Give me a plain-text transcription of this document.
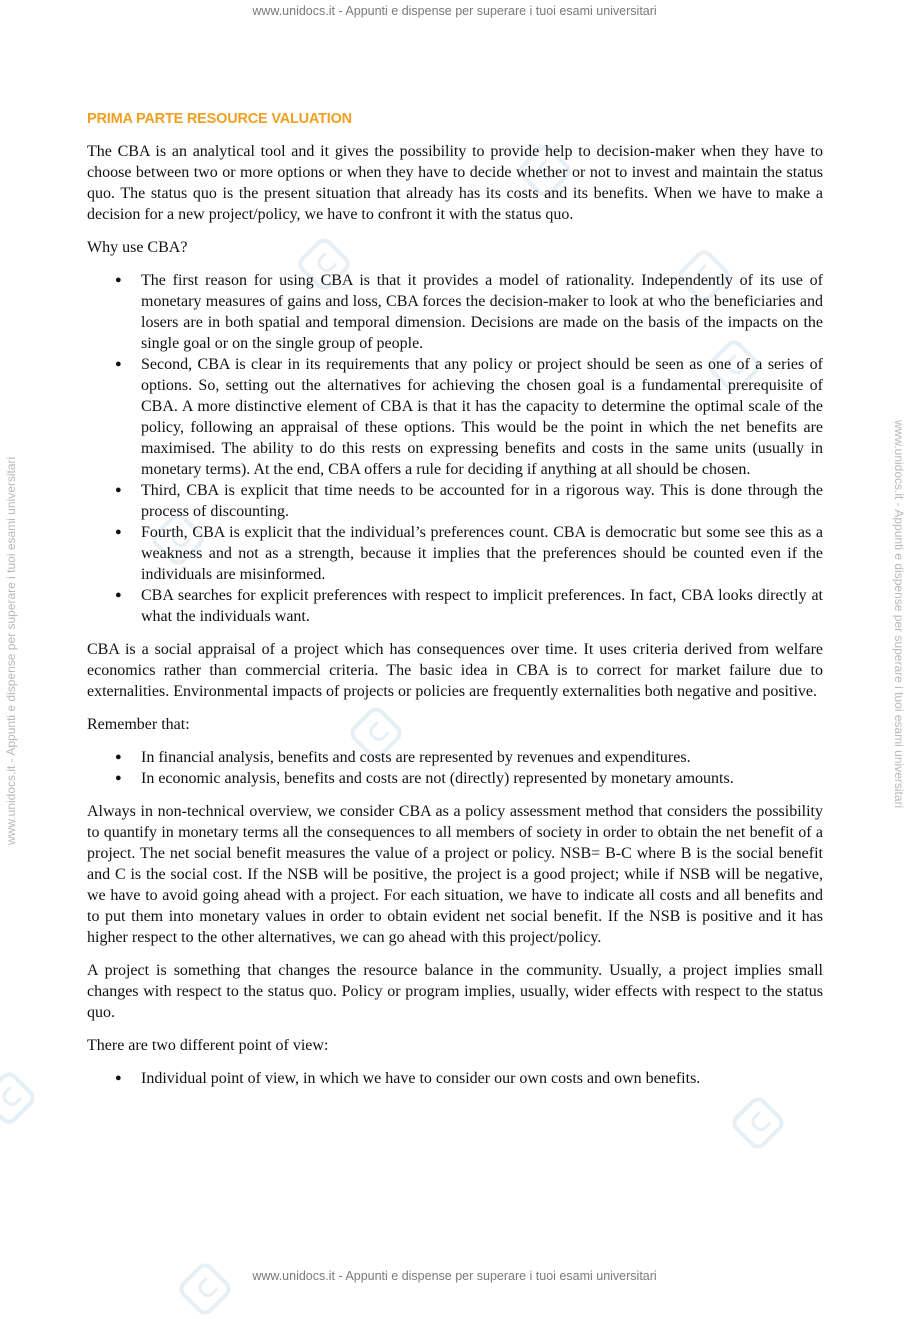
www.unidocs.it - Appunti e dispense per superare i tuoi esami universitari
www.unidocs.it - Appunti e dispense per superare i tuoi esami universitari
www.unidocs.it - Appunti e dispense per superare i tuoi esami universitari	www.unidocs.it - Appunti e dispense per superare i tuoi esami universitari
PRIMA PARTE RESOURCE VALUATION

The CBA is an analytical tool and it gives the possibility to provide help to decision-maker when they have to choose between two or more options or when they have to decide whether or not to invest and maintain the status quo. The status quo is the present situation that already has its costs and its benefits. When we have to make a decision for a new project/policy, we have to confront it with the status quo.

Why use CBA?

● The first reason for using CBA is that it provides a model of rationality. Independently of its use of monetary measures of gains and loss, CBA forces the decision-maker to look at who the beneficiaries and losers are in both spatial and temporal dimension. Decisions are made on the basis of the impacts on the single goal or on the single group of people.
● Second, CBA is clear in its requirements that any policy or project should be seen as one of a series of options. So, setting out the alternatives for achieving the chosen goal is a fundamental prerequisite of CBA. A more distinctive element of CBA is that it has the capacity to determine the optimal scale of the policy, following an appraisal of these options. This would be the point in which the net benefits are maximised. The ability to do this rests on expressing benefits and costs in the same units (usually in monetary terms). At the end, CBA offers a rule for deciding if anything at all should be chosen.
● Third, CBA is explicit that time needs to be accounted for in a rigorous way. This is done through the process of discounting.
● Fourth, CBA is explicit that the individual’s preferences count. CBA is democratic but some see this as a weakness and not as a strength, because it implies that the preferences should be counted even if the individuals are misinformed.
● CBA searches for explicit preferences with respect to implicit preferences. In fact, CBA looks directly at what the individuals want.

CBA is a social appraisal of a project which has consequences over time. It uses criteria derived from welfare economics rather than commercial criteria. The basic idea in CBA is to correct for market failure due to externalities. Environmental impacts of projects or policies are frequently externalities both negative and positive.

Remember that:

● In financial analysis, benefits and costs are represented by revenues and expenditures.
● In economic analysis, benefits and costs are not (directly) represented by monetary amounts.

Always in non-technical overview, we consider CBA as a policy assessment method that considers the possibility to quantify in monetary terms all the consequences to all members of society in order to obtain the net benefit of a project. The net social benefit measures the value of a project or policy. NSB= B-C where B is the social benefit and C is the social cost. If the NSB will be positive, the project is a good project; while if NSB will be negative, we have to avoid going ahead with a project. For each situation, we have to indicate all costs and all benefits and to put them into monetary values in order to obtain evident net social benefit. If the NSB is positive and it has higher respect to the other alternatives, we can go ahead with this project/policy.

A project is something that changes the resource balance in the community. Usually, a project implies small changes with respect to the status quo. Policy or program implies, usually, wider effects with respect to the status quo.

There are two different point of view:

● Individual point of view, in which we have to consider our own costs and own benefits.
